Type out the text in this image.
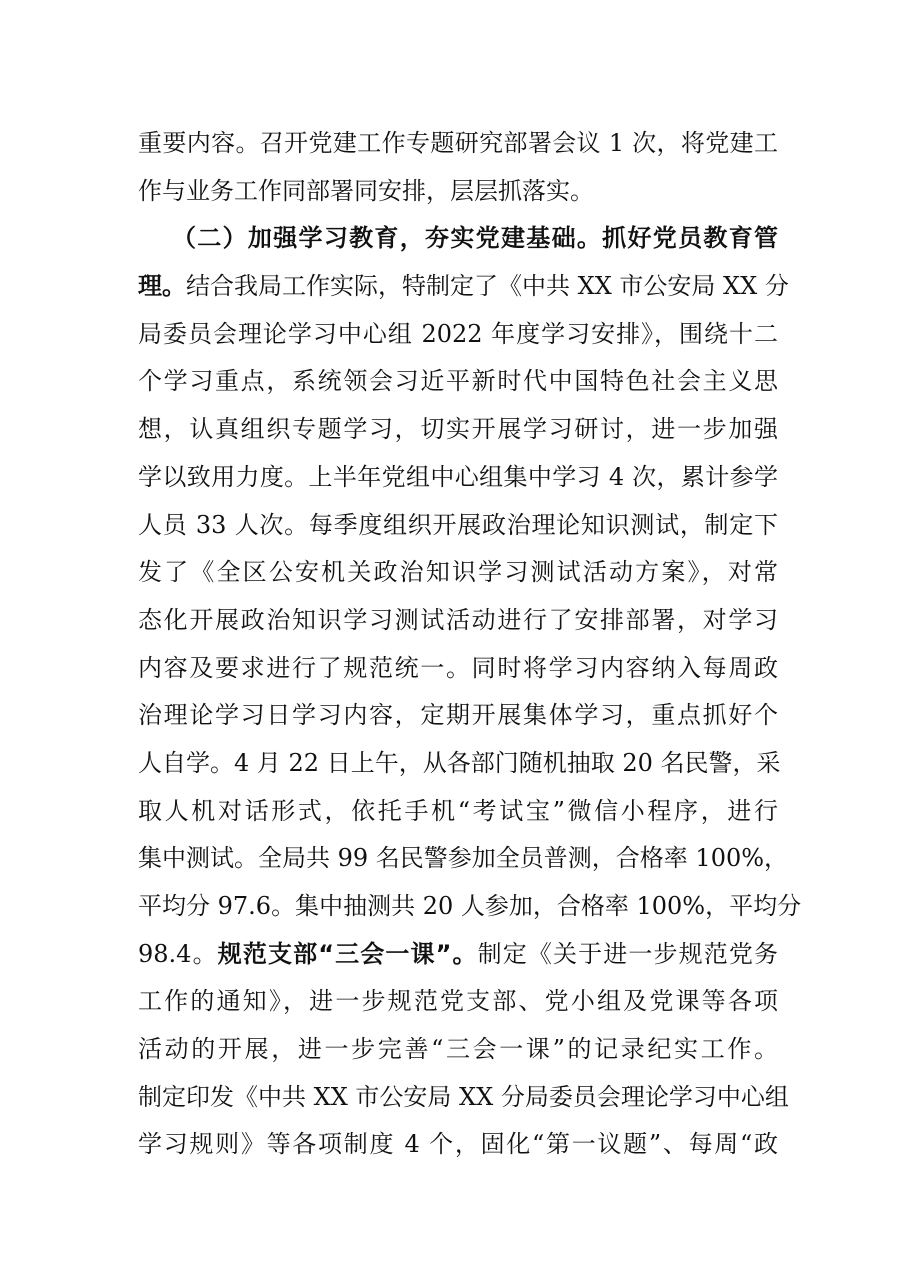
重要内容。召开党建工作专题研究部署会议 1 次，将党建工
作与业务工作同部署同安排，层层抓落实。
（二）加强学习教育，夯实党建基础。抓好党员教育管
理。结合我局工作实际，特制定了《中共 XX 市公安局 XX 分
局委员会理论学习中心组 2022 年度学习安排》，围绕十二
个学习重点，系统领会习近平新时代中国特色社会主义思
想，认真组织专题学习，切实开展学习研讨，进一步加强
学以致用力度。上半年党组中心组集中学习 4 次，累计参学
人员 33 人次。每季度组织开展政治理论知识测试，制定下
发了《全区公安机关政治知识学习测试活动方案》，对常
态化开展政治知识学习测试活动进行了安排部署，对学习
内容及要求进行了规范统一。同时将学习内容纳入每周政
治理论学习日学习内容，定期开展集体学习，重点抓好个
人自学。4 月 22 日上午，从各部门随机抽取 20 名民警，采
取人机对话形式，依托手机“考试宝”微信小程序，进行
集中测试。全局共 99 名民警参加全员普测，合格率 100%，
平均分 97.6。集中抽测共 20 人参加，合格率 100%，平均分
98.4。规范支部“三会一课”。制定《关于进一步规范党务
工作的通知》，进一步规范党支部、党小组及党课等各项
活动的开展，进一步完善“三会一课”的记录纪实工作。
制定印发《中共 XX 市公安局 XX 分局委员会理论学习中心组
学习规则》等各项制度 4 个，固化“第一议题”、每周“政
